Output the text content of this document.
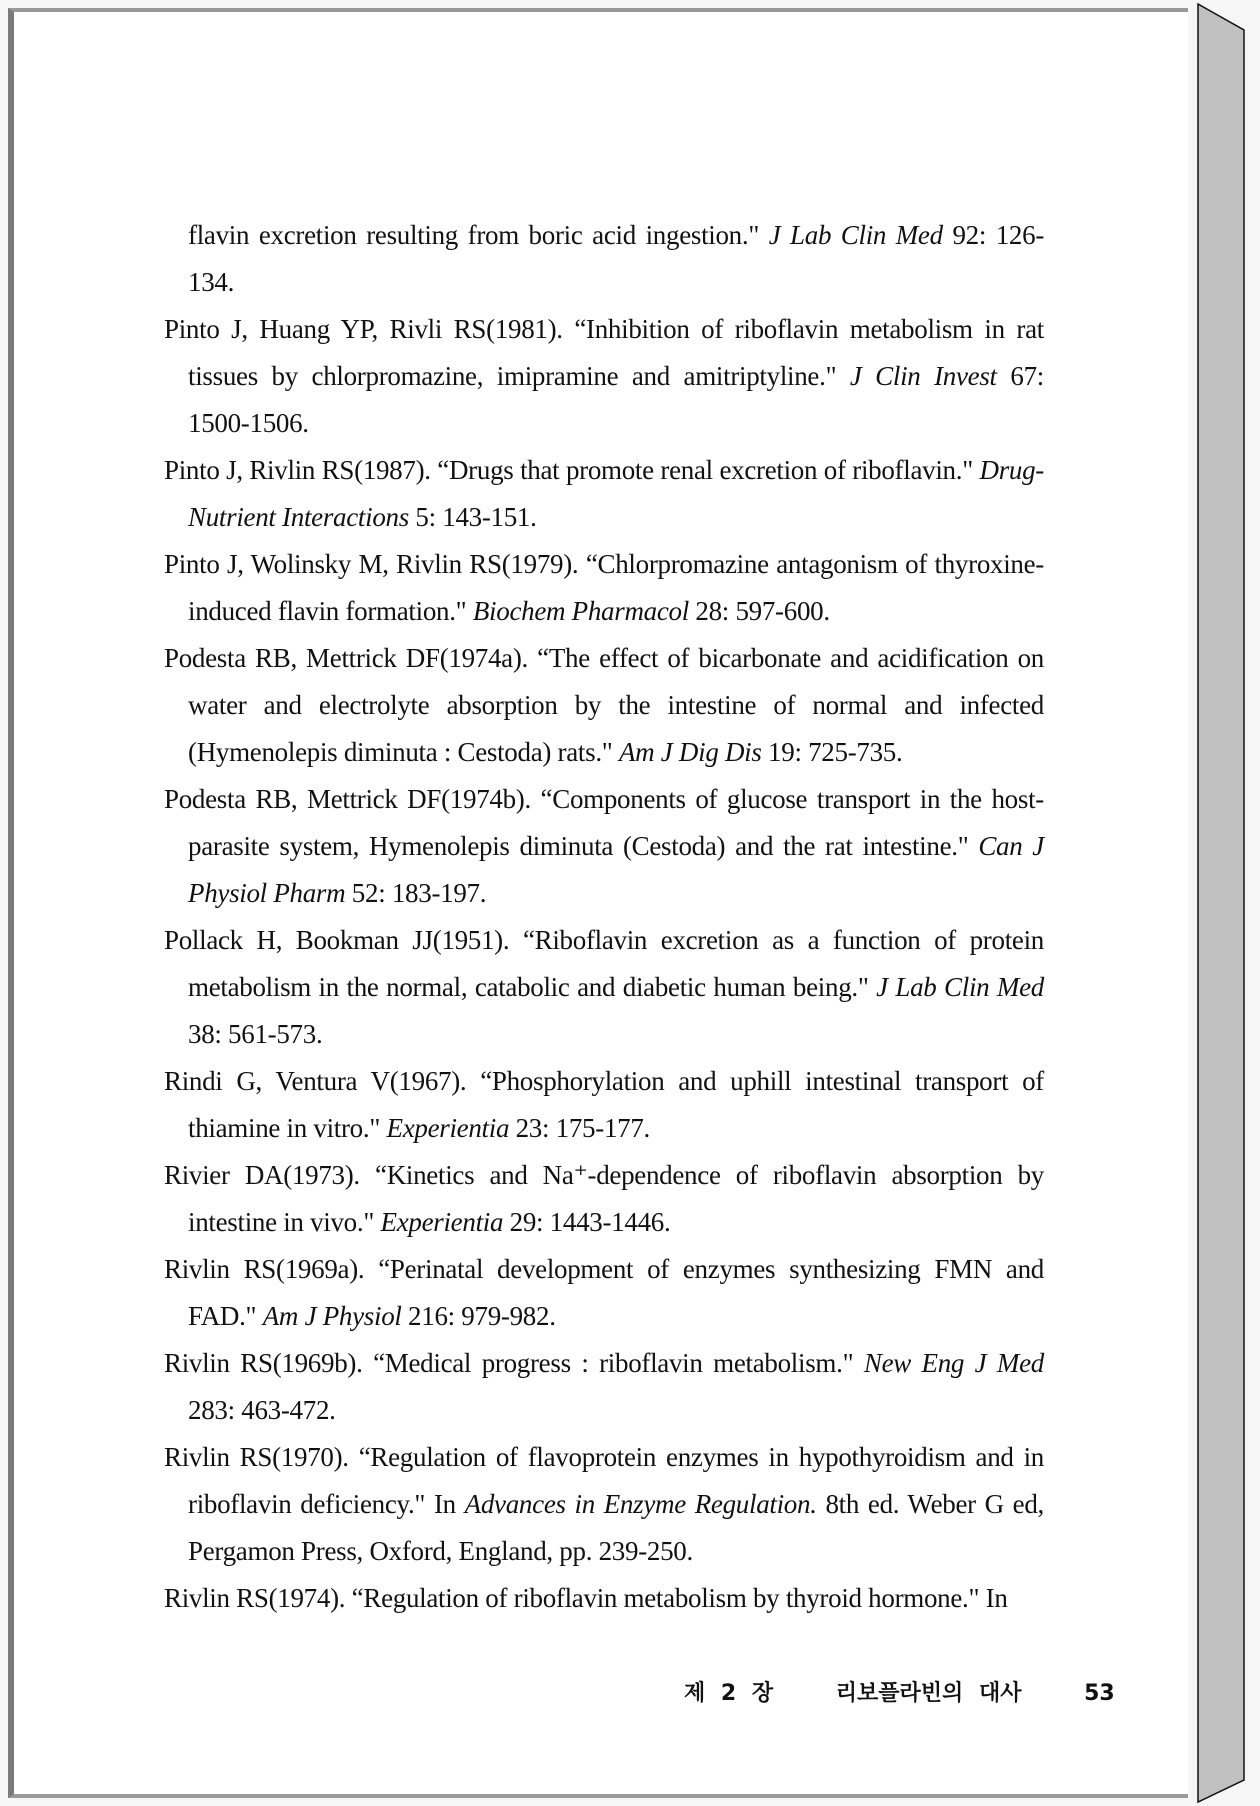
flavin excretion resulting from boric acid ingestion." J Lab Clin Med 92: 126-134.

Pinto J, Huang YP, Rivli RS(1981). “Inhibition of riboflavin metabolism in rat tissues by chlorpromazine, imipramine and amitriptyline." J Clin Invest 67: 1500-1506.

Pinto J, Rivlin RS(1987). “Drugs that promote renal excretion of riboflavin." Drug-Nutrient Interactions 5: 143-151.

Pinto J, Wolinsky M, Rivlin RS(1979). “Chlorpromazine antagonism of thyroxine-induced flavin formation." Biochem Pharmacol 28: 597-600.

Podesta RB, Mettrick DF(1974a). “The effect of bicarbonate and acidification on water and electrolyte absorption by the intestine of normal and infected (Hymenolepis diminuta : Cestoda) rats." Am J Dig Dis 19: 725-735.

Podesta RB, Mettrick DF(1974b). “Components of glucose transport in the host-parasite system, Hymenolepis diminuta (Cestoda) and the rat intestine." Can J Physiol Pharm 52: 183-197.

Pollack H, Bookman JJ(1951). “Riboflavin excretion as a function of protein metabolism in the normal, catabolic and diabetic human being." J Lab Clin Med 38: 561-573.

Rindi G, Ventura V(1967). “Phosphorylation and uphill intestinal transport of thiamine in vitro." Experientia 23: 175-177.

Rivier DA(1973). “Kinetics and Na⁺-dependence of riboflavin absorption by intestine in vivo." Experientia 29: 1443-1446.

Rivlin RS(1969a). “Perinatal development of enzymes synthesizing FMN and FAD." Am J Physiol 216: 979-982.

Rivlin RS(1969b). “Medical progress : riboflavin metabolism." New Eng J Med 283: 463-472.

Rivlin RS(1970). “Regulation of flavoprotein enzymes in hypothyroidism and in riboflavin deficiency." In Advances in Enzyme Regulation. 8th ed. Weber G ed, Pergamon Press, Oxford, England, pp. 239-250.

Rivlin RS(1974). “Regulation of riboflavin metabolism by thyroid hormone." In

제 2 장	리보플라빈의 대사	53
